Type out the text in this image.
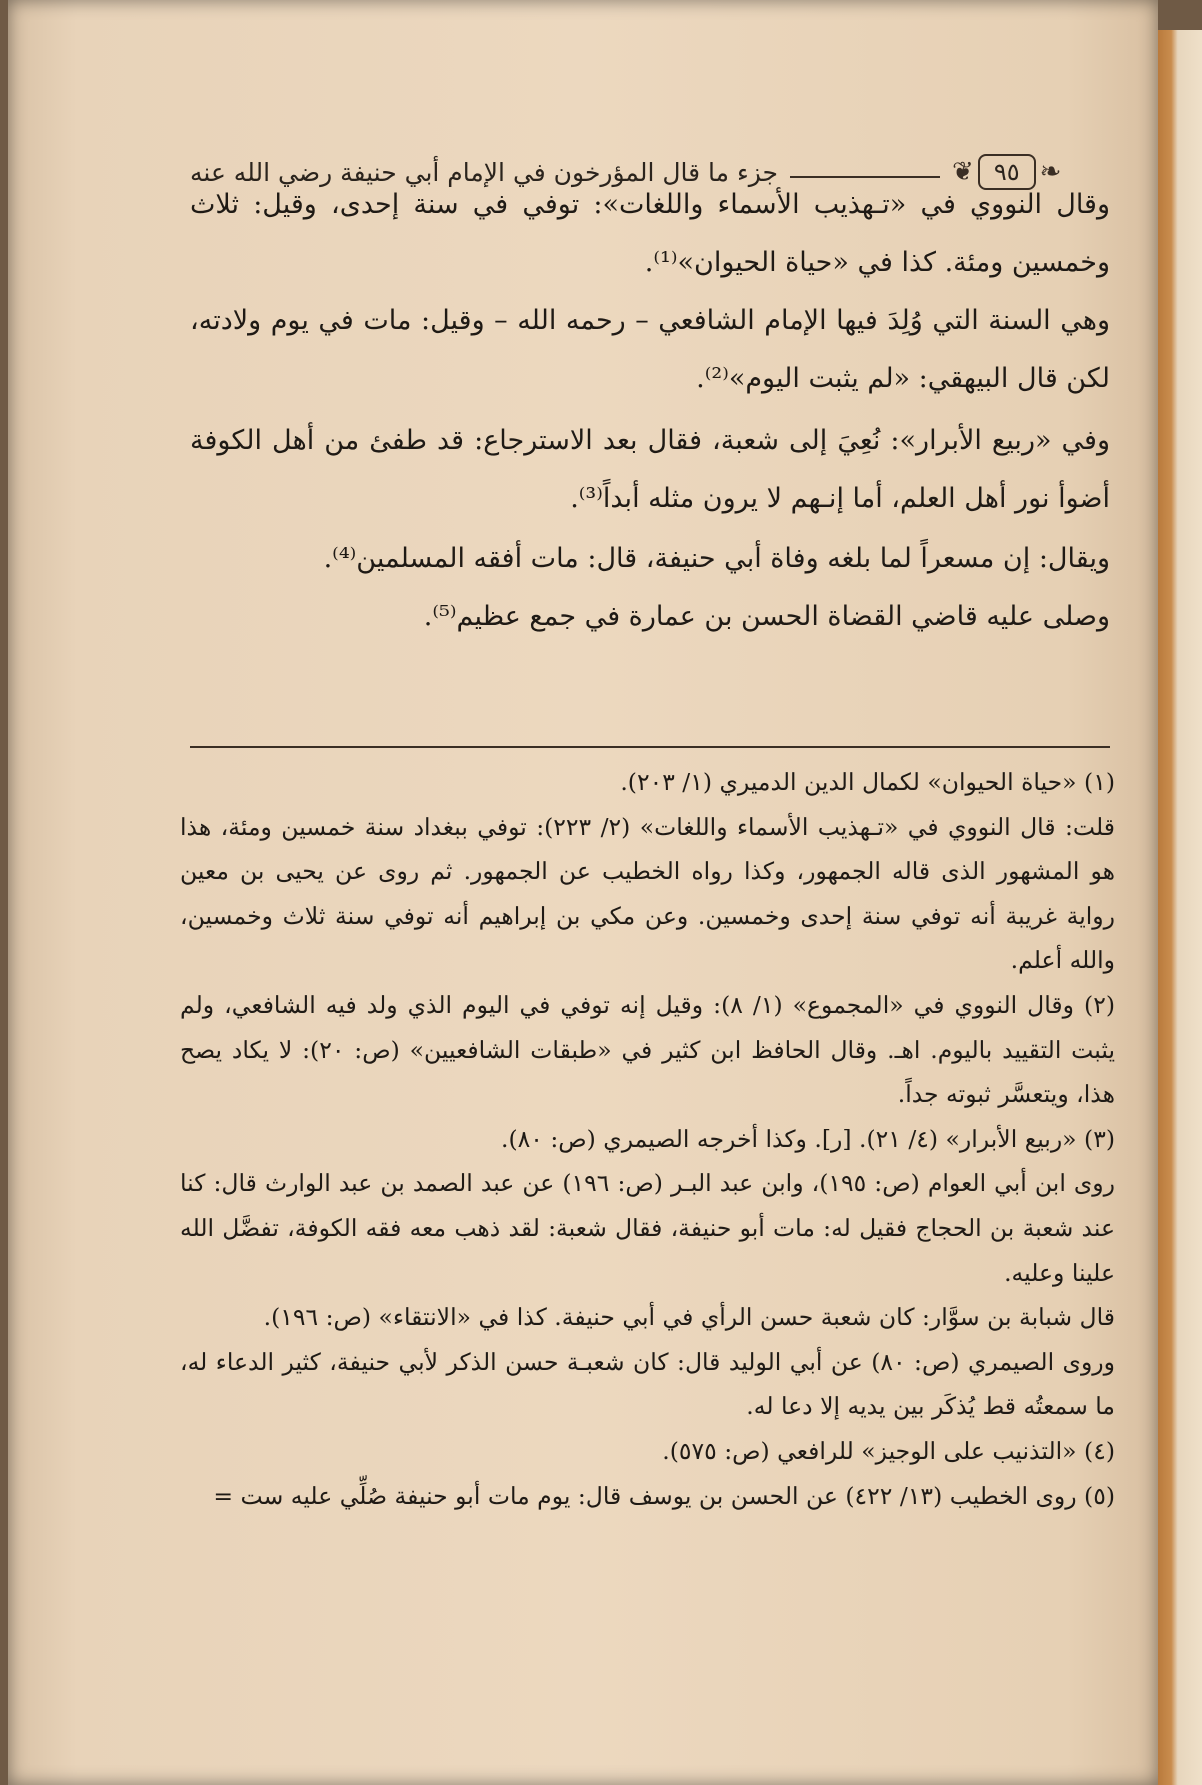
جزء ما قال المؤرخون في الإمام أبي حنيفة رضي الله عنه	❦ ٩٥ ❧

وقال النووي في «تـهذيب الأسماء واللغات»: توفي في سنة إحدى، وقيل: ثلاث وخمسين ومئة. كذا في «حياة الحيوان»⁽¹⁾.

وهي السنة التي وُلِدَ فيها الإمام الشافعي – رحمه الله – وقيل: مات في يوم ولادته، لكن قال البيهقي: «لم يثبت اليوم»⁽²⁾.

وفي «ربيع الأبرار»: نُعِيَ إلى شعبة، فقال بعد الاسترجاع: قد طفئ من أهل الكوفة أضوأ نور أهل العلم، أما إنـهم لا يرون مثله أبداً⁽³⁾.

ويقال: إن مسعراً لما بلغه وفاة أبي حنيفة، قال: مات أفقه المسلمين⁽⁴⁾.

وصلى عليه قاضي القضاة الحسن بن عمارة في جمع عظيم⁽⁵⁾.

(١) «حياة الحيوان» لكمال الدين الدميري (١/ ٢٠٣).

قلت: قال النووي في «تـهذيب الأسماء واللغات» (٢/ ٢٢٣): توفي ببغداد سنة خمسين ومئة، هذا هو المشهور الذى قاله الجمهور، وكذا رواه الخطيب عن الجمهور. ثم روى عن يحيى بن معين رواية غريبة أنه توفي سنة إحدى وخمسين. وعن مكي بن إبراهيم أنه توفي سنة ثلاث وخمسين، والله أعلم.

(٢) وقال النووي في «المجموع» (١/ ٨): وقيل إنه توفي في اليوم الذي ولد فيه الشافعي، ولم يثبت التقييد باليوم. اهـ. وقال الحافظ ابن كثير في «طبقات الشافعيين» (ص: ٢٠): لا يكاد يصح هذا، ويتعسَّر ثبوته جداً.

(٣) «ربيع الأبرار» (٤/ ٢١). [ر]. وكذا أخرجه الصيمري (ص: ٨٠).

روى ابن أبي العوام (ص: ١٩٥)، وابن عبد البـر (ص: ١٩٦) عن عبد الصمد بن عبد الوارث قال: كنا عند شعبة بن الحجاج فقيل له: مات أبو حنيفة، فقال شعبة: لقد ذهب معه فقه الكوفة، تفضَّل الله علينا وعليه.

قال شبابة بن سوَّار: كان شعبة حسن الرأي في أبي حنيفة. كذا في «الانتقاء» (ص: ١٩٦).

وروى الصيمري (ص: ٨٠) عن أبي الوليد قال: كان شعبـة حسن الذكر لأبي حنيفة، كثير الدعاء له، ما سمعتُه قط يُذكَر بين يديه إلا دعا له.

(٤) «التذنيب على الوجيز» للرافعي (ص: ٥٧٥).

(٥) روى الخطيب (١٣/ ٤٢٢) عن الحسن بن يوسف قال: يوم مات أبو حنيفة صُلِّي عليه ست =
